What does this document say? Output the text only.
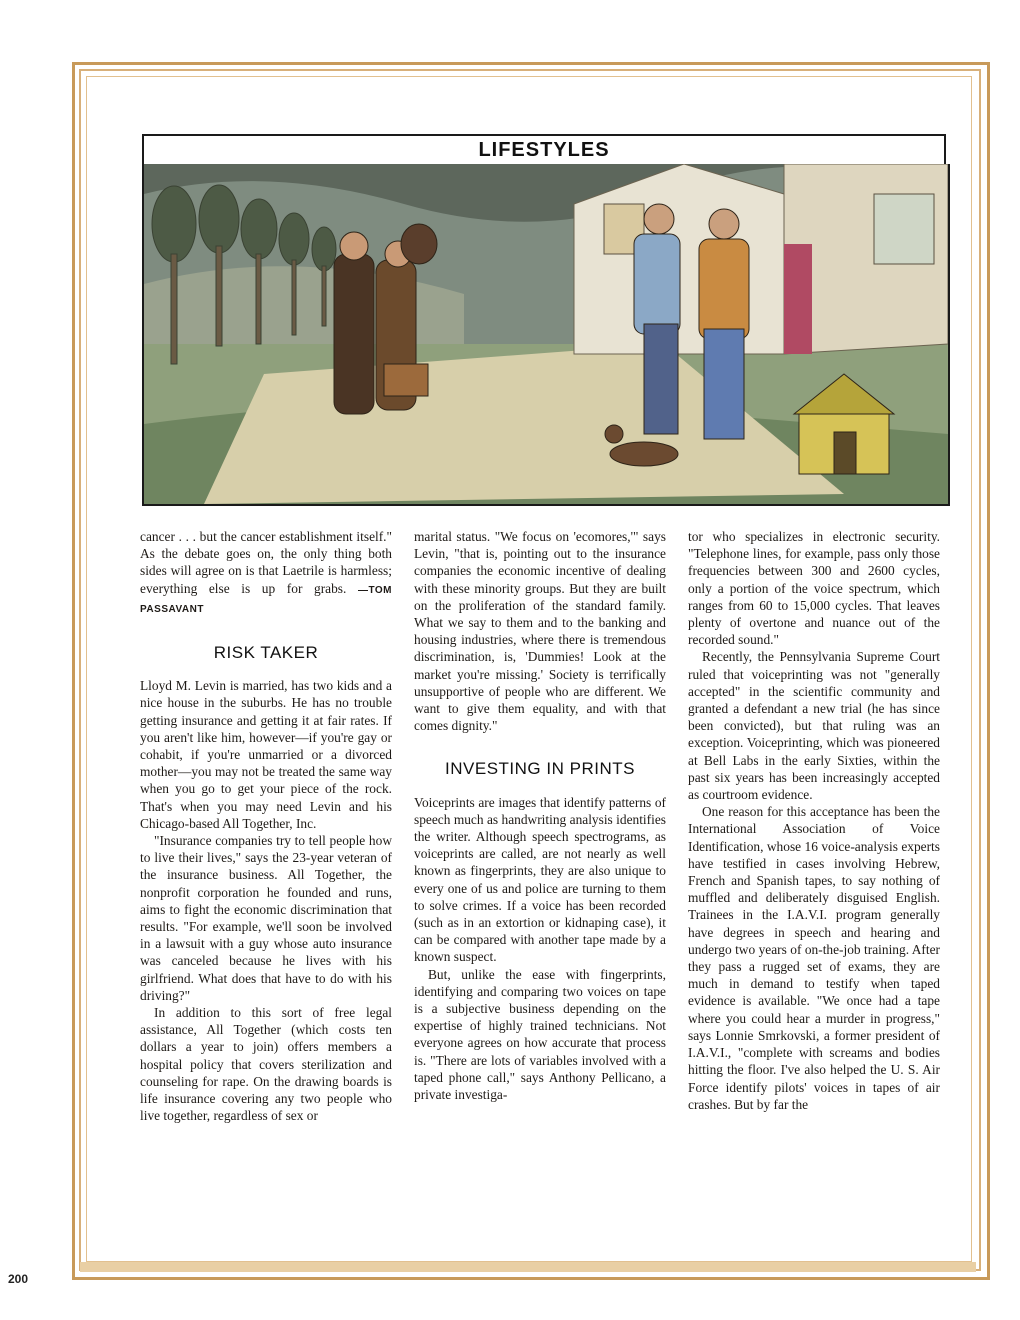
LIFESTYLES

cancer . . . but the cancer establishment itself." As the debate goes on, the only thing both sides will agree on is that Laetrile is harmless; everything else is up for grabs. —TOM PASSAVANT

RISK TAKER

Lloyd M. Levin is married, has two kids and a nice house in the suburbs. He has no trouble getting insurance and getting it at fair rates. If you aren't like him, however—if you're gay or cohabit, if you're unmarried or a divorced mother—you may not be treated the same way when you go to get your piece of the rock. That's when you may need Levin and his Chicago-based All Together, Inc.

"Insurance companies try to tell people how to live their lives," says the 23-year veteran of the insurance business. All Together, the nonprofit corporation he founded and runs, aims to fight the economic discrimination that results. "For example, we'll soon be involved in a lawsuit with a guy whose auto insurance was canceled because he lives with his girlfriend. What does that have to do with his driving?"

In addition to this sort of free legal assistance, All Together (which costs ten dollars a year to join) offers members a hospital policy that covers sterilization and counseling for rape. On the drawing boards is life insurance covering any two people who live together, regardless of sex or

marital status. "We focus on 'ecomores,'" says Levin, "that is, pointing out to the insurance companies the economic incentive of dealing with these minority groups. But they are built on the proliferation of the standard family. What we say to them and to the banking and housing industries, where there is tremendous discrimination, is, 'Dummies! Look at the market you're missing.' Society is terrifically unsupportive of people who are different. We want to give them equality, and with that comes dignity."

INVESTING IN PRINTS

Voiceprints are images that identify patterns of speech much as handwriting analysis identifies the writer. Although speech spectrograms, as voiceprints are called, are not nearly as well known as fingerprints, they are also unique to every one of us and police are turning to them to solve crimes. If a voice has been recorded (such as in an extortion or kidnaping case), it can be compared with another tape made by a known suspect.

But, unlike the ease with fingerprints, identifying and comparing two voices on tape is a subjective business depending on the expertise of highly trained technicians. Not everyone agrees on how accurate that process is. "There are lots of variables involved with a taped phone call," says Anthony Pellicano, a private investiga-

tor who specializes in electronic security. "Telephone lines, for example, pass only those frequencies between 300 and 2600 cycles, only a portion of the voice spectrum, which ranges from 60 to 15,000 cycles. That leaves plenty of overtone and nuance out of the recorded sound."

Recently, the Pennsylvania Supreme Court ruled that voiceprinting was not "generally accepted" in the scientific community and granted a defendant a new trial (he has since been convicted), but that ruling was an exception. Voiceprinting, which was pioneered at Bell Labs in the early Sixties, within the past six years has been increasingly accepted as courtroom evidence.

One reason for this acceptance has been the International Association of Voice Identification, whose 16 voice-analysis experts have testified in cases involving Hebrew, French and Spanish tapes, to say nothing of muffled and deliberately disguised English. Trainees in the I.A.V.I. program generally have degrees in speech and hearing and undergo two years of on-the-job training. After they pass a rugged set of exams, they are much in demand to testify when taped evidence is available. "We once had a tape where you could hear a murder in progress," says Lonnie Smrkovski, a former president of I.A.V.I., "complete with screams and bodies hitting the floor. I've also helped the U. S. Air Force identify pilots' voices in tapes of air crashes. But by far the

200
